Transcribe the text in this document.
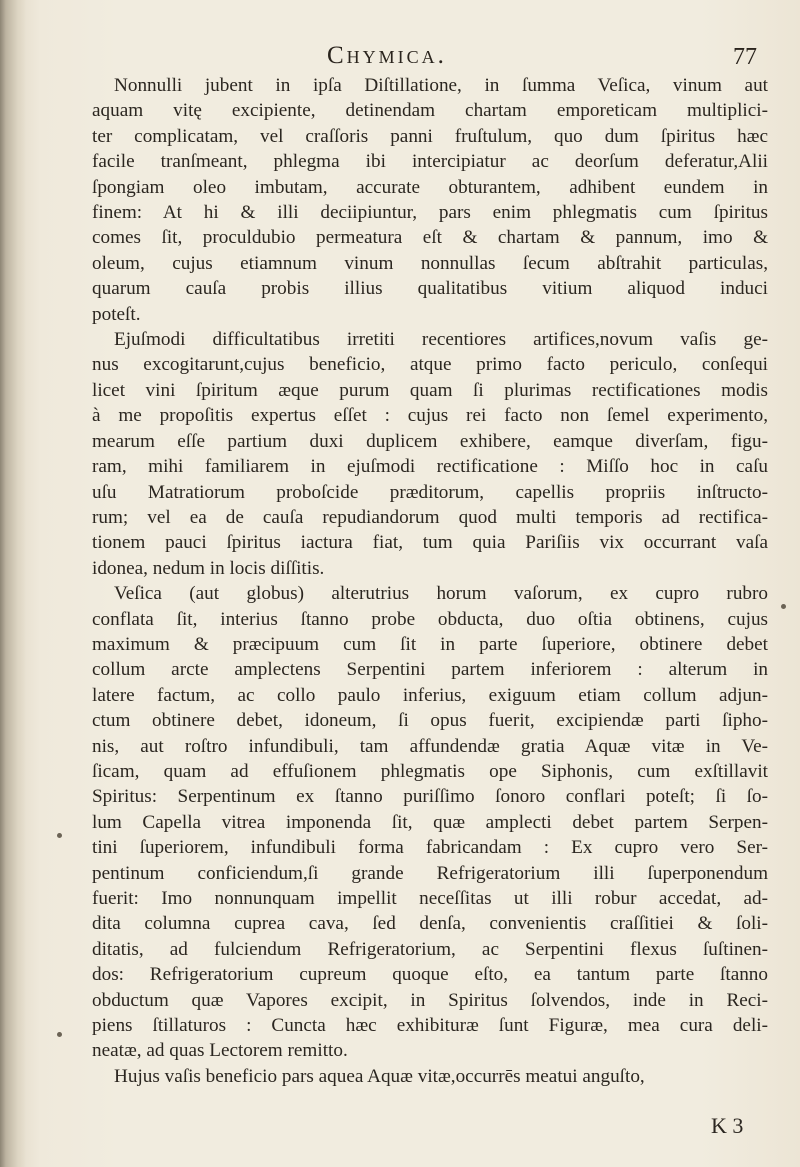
Chymica.	77
Nonnulli jubent in ipſa Diſtillatione, in ſumma Veſica, vinum aut
aquam vitę excipiente, detinendam chartam emporeticam multiplici-
ter complicatam, vel craſſoris panni fruſtulum, quo dum ſpiritus hæc
facile tranſmeant, phlegma ibi intercipiatur ac deorſum deferatur,Alii
ſpongiam oleo imbutam, accurate obturantem, adhibent eundem in
finem: At hi & illi deciipiuntur, pars enim phlegmatis cum ſpiritus
comes ſit, proculdubio permeatura eſt & chartam & pannum, imo &
oleum, cujus etiamnum vinum nonnullas ſecum abſtrahit particulas,
quarum cauſa probis illius qualitatibus vitium aliquod induci
poteſt.
Ejuſmodi difficultatibus irretiti recentiores artifices,novum vaſis ge-
nus excogitarunt,cujus beneficio, atque primo facto periculo, conſequi
licet vini ſpiritum æque purum quam ſi plurimas rectificationes modis
à me propoſitis expertus eſſet : cujus rei facto non ſemel experimento,
mearum eſſe partium duxi duplicem exhibere, eamque diverſam, figu-
ram, mihi familiarem in ejuſmodi rectificatione : Miſſo hoc in caſu
uſu Matratiorum proboſcide præditorum, capellis propriis inſtructo-
rum; vel ea de cauſa repudiandorum quod multi temporis ad rectifica-
tionem pauci ſpiritus iactura fiat, tum quia Pariſiis vix occurrant vaſa
idonea, nedum in locis diſſitis.
Veſica (aut globus) alterutrius horum vaſorum, ex cupro rubro
conflata ſit, interius ſtanno probe obducta, duo oſtia obtinens, cujus
maximum & præcipuum cum ſit in parte ſuperiore, obtinere debet
collum arcte amplectens Serpentini partem inferiorem : alterum in
latere factum, ac collo paulo inferius, exiguum etiam collum adjun-
ctum obtinere debet, idoneum, ſi opus fuerit, excipiendæ parti ſipho-
nis, aut roſtro infundibuli, tam affundendæ gratia Aquæ vitæ in Ve-
ſicam, quam ad effuſionem phlegmatis ope Siphonis, cum exſtillavit
Spiritus: Serpentinum ex ſtanno puriſſimo ſonoro conflari poteſt; ſi ſo-
lum Capella vitrea imponenda ſit, quæ amplecti debet partem Serpen-
tini ſuperiorem, infundibuli forma fabricandam : Ex cupro vero Ser-
pentinum conficiendum,ſi grande Refrigeratorium illi ſuperponendum
fuerit: Imo nonnunquam impellit neceſſitas ut illi robur accedat, ad-
dita columna cuprea cava, ſed denſa, convenientis craſſitiei & ſoli-
ditatis, ad fulciendum Refrigeratorium, ac Serpentini flexus ſuſtinen-
dos: Refrigeratorium cupreum quoque eſto, ea tantum parte ſtanno
obductum quæ Vapores excipit, in Spiritus ſolvendos, inde in Reci-
piens ſtillaturos : Cuncta hæc exhibituræ ſunt Figuræ, mea cura deli-
neatæ, ad quas Lectorem remitto.
Hujus vaſis beneficio pars aquea Aquæ vitæ,occurrēs meatui anguſto,
K 3
